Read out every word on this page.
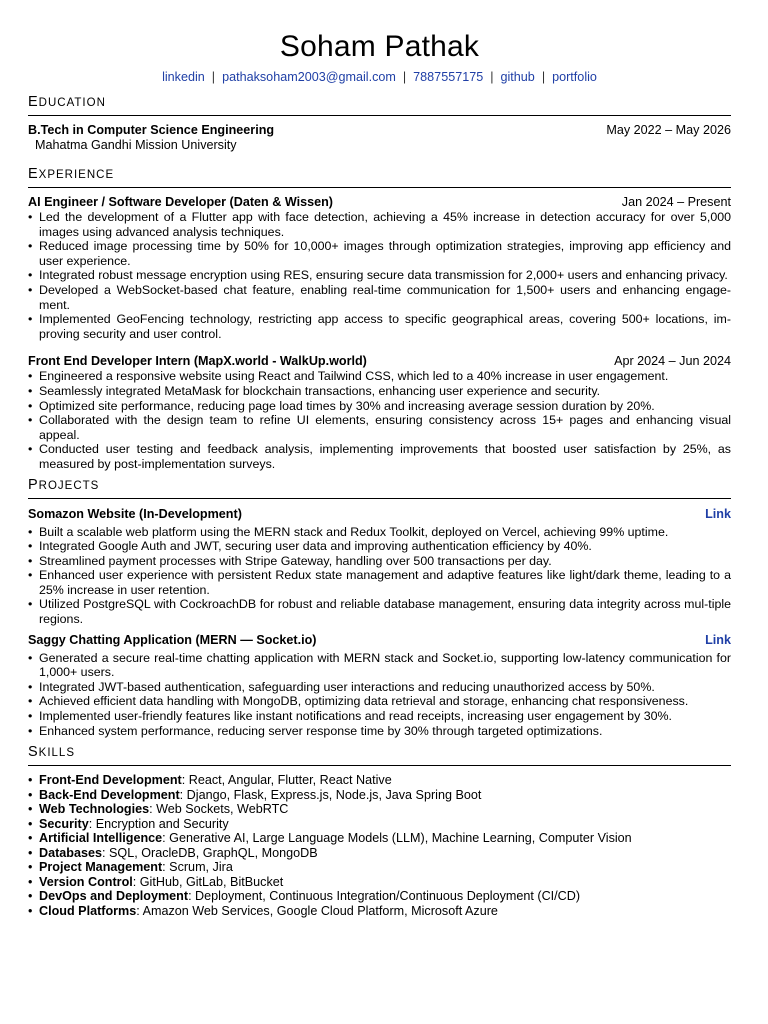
Soham Pathak
linkedin | pathaksoham2003@gmail.com | 7887557175 | github | portfolio
EDUCATION
B.Tech in Computer Science Engineering	May 2022 – May 2026
Mahatma Gandhi Mission University
EXPERIENCE
AI Engineer / Software Developer (Daten & Wissen)	Jan 2024 – Present
• Led the development of a Flutter app with face detection, achieving a 45% increase in detection accuracy for over 5,000 images using advanced analysis techniques.
• Reduced image processing time by 50% for 10,000+ images through optimization strategies, improving app efficiency and user experience.
• Integrated robust message encryption using RES, ensuring secure data transmission for 2,000+ users and enhancing privacy.
• Developed a WebSocket-based chat feature, enabling real-time communication for 1,500+ users and enhancing engage-ment.
• Implemented GeoFencing technology, restricting app access to specific geographical areas, covering 500+ locations, im-proving security and user control.
Front End Developer Intern (MapX.world - WalkUp.world)	Apr 2024 – Jun 2024
• Engineered a responsive website using React and Tailwind CSS, which led to a 40% increase in user engagement.
• Seamlessly integrated MetaMask for blockchain transactions, enhancing user experience and security.
• Optimized site performance, reducing page load times by 30% and increasing average session duration by 20%.
• Collaborated with the design team to refine UI elements, ensuring consistency across 15+ pages and enhancing visual appeal.
• Conducted user testing and feedback analysis, implementing improvements that boosted user satisfaction by 25%, as measured by post-implementation surveys.
PROJECTS
Somazon Website (In-Development)	Link
• Built a scalable web platform using the MERN stack and Redux Toolkit, deployed on Vercel, achieving 99% uptime.
• Integrated Google Auth and JWT, securing user data and improving authentication efficiency by 40%.
• Streamlined payment processes with Stripe Gateway, handling over 500 transactions per day.
• Enhanced user experience with persistent Redux state management and adaptive features like light/dark theme, leading to a 25% increase in user retention.
• Utilized PostgreSQL with CockroachDB for robust and reliable database management, ensuring data integrity across mul-tiple regions.
Saggy Chatting Application (MERN — Socket.io)	Link
• Generated a secure real-time chatting application with MERN stack and Socket.io, supporting low-latency communication for 1,000+ users.
• Integrated JWT-based authentication, safeguarding user interactions and reducing unauthorized access by 50%.
• Achieved efficient data handling with MongoDB, optimizing data retrieval and storage, enhancing chat responsiveness.
• Implemented user-friendly features like instant notifications and read receipts, increasing user engagement by 30%.
• Enhanced system performance, reducing server response time by 30% through targeted optimizations.
SKILLS
• Front-End Development: React, Angular, Flutter, React Native
• Back-End Development: Django, Flask, Express.js, Node.js, Java Spring Boot
• Web Technologies: Web Sockets, WebRTC
• Security: Encryption and Security
• Artificial Intelligence: Generative AI, Large Language Models (LLM), Machine Learning, Computer Vision
• Databases: SQL, OracleDB, GraphQL, MongoDB
• Project Management: Scrum, Jira
• Version Control: GitHub, GitLab, BitBucket
• DevOps and Deployment: Deployment, Continuous Integration/Continuous Deployment (CI/CD)
• Cloud Platforms: Amazon Web Services, Google Cloud Platform, Microsoft Azure
